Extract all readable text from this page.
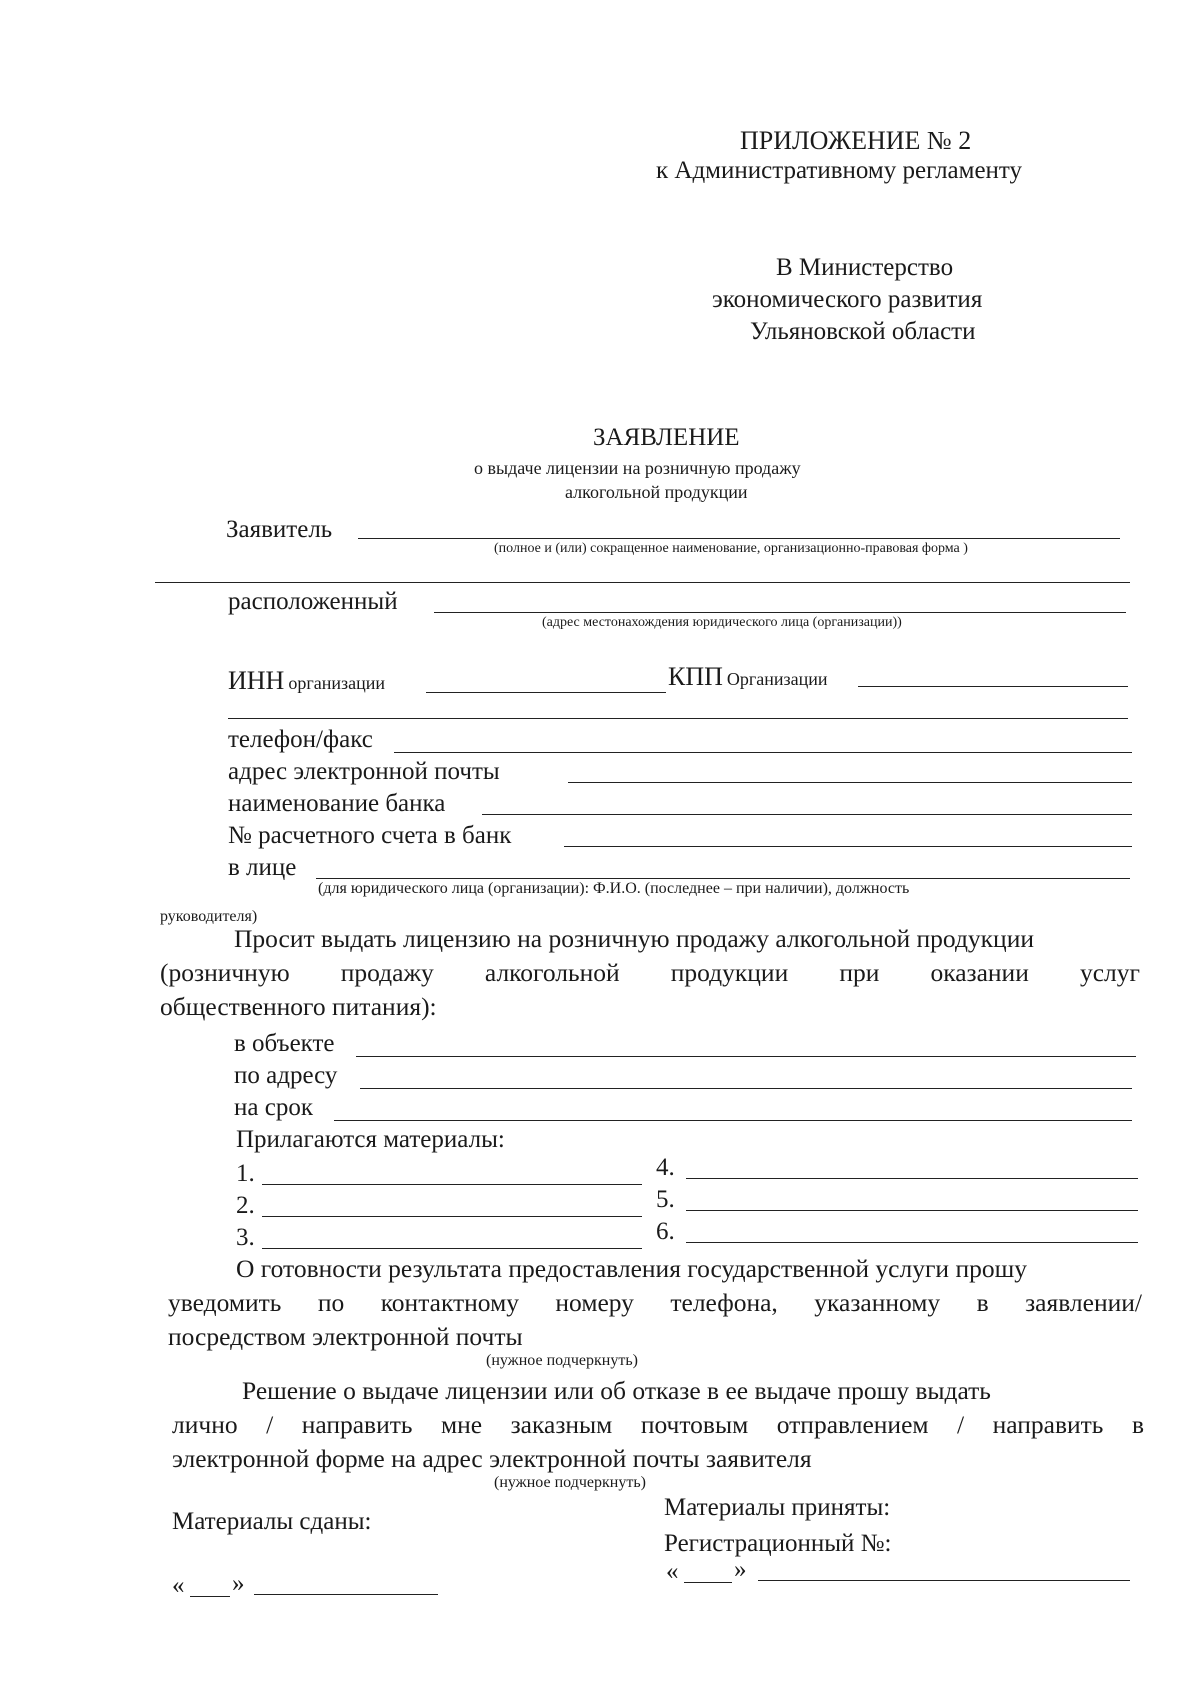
ПРИЛОЖЕНИЕ № 2
к Административному регламенту
В Министерство
экономического развития
Ульяновской области
ЗАЯВЛЕНИЕ
о выдаче лицензии на розничную продажу
алкогольной продукции
Заявитель
(полное и (или) сокращенное наименование, организационно-правовая форма )
расположенный
(адрес местонахождения юридического лица (организации))
ИНН организации	КПП Организации
телефон/факс
адрес электронной почты
наименование банка
№ расчетного счета в банк
в лице
(для юридического лица (организации): Ф.И.О. (последнее – при наличии), должность
руководителя)
Просит выдать лицензию на розничную продажу алкогольной продукции
(розничную продажу алкогольной продукции при оказании услуг
общественного питания):
в объекте
по адресу
на срок
Прилагаются материалы:
1.
2.
3.
4.
5.
6.
О готовности результата предоставления государственной услуги прошу
уведомить по контактному номеру телефона, указанному в заявлении/
посредством электронной почты
(нужное подчеркнуть)
Решение о выдаче лицензии или об отказе в ее выдаче прошу выдать
лично / направить мне заказным почтовым отправлением / направить в
электронной форме на адрес электронной почты заявителя
(нужное подчеркнуть)
Материалы сданы:
Материалы приняты:
Регистрационный №:
« »	« »
